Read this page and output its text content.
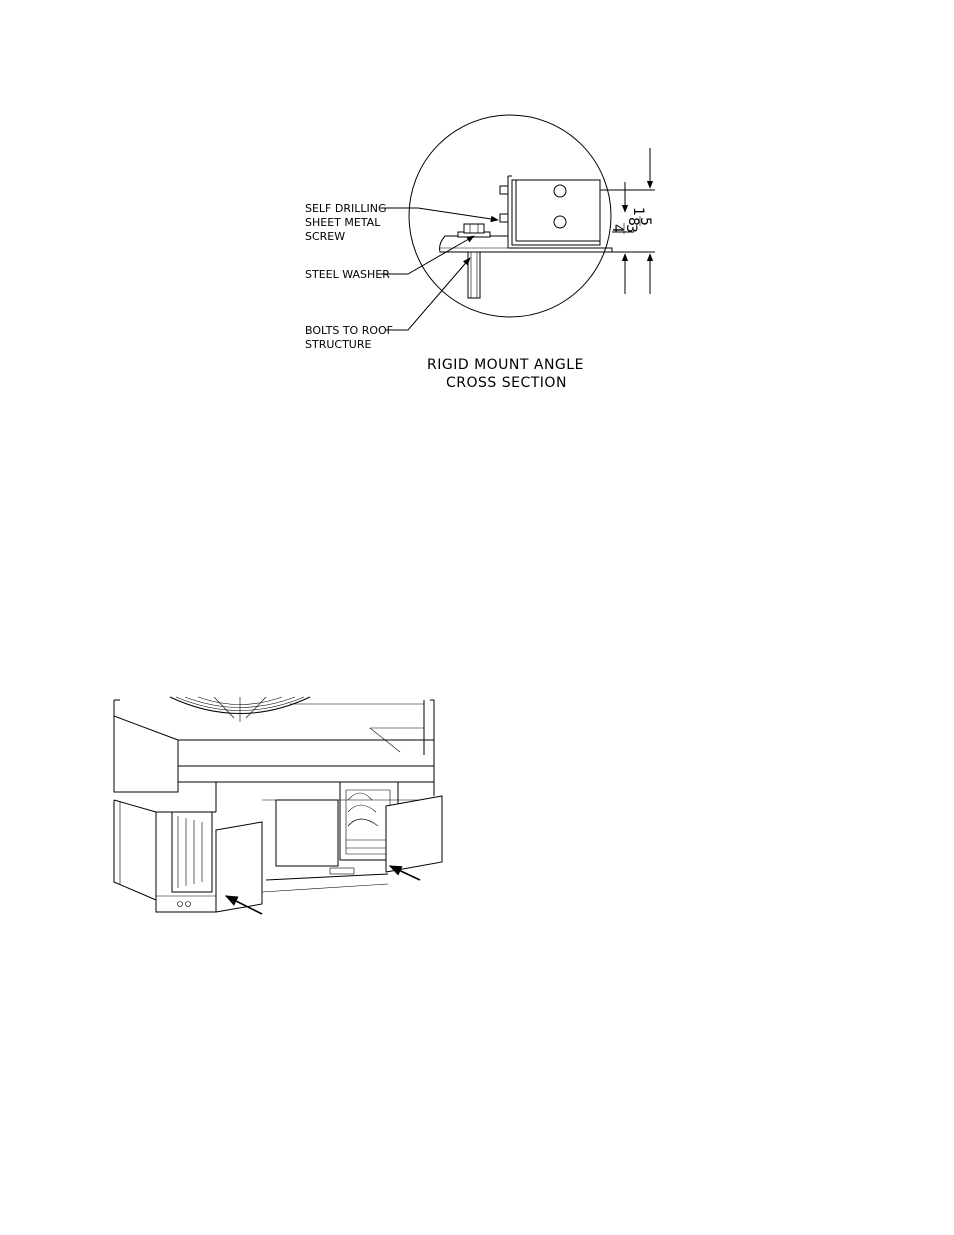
SELF DRILLING
SHEET METAL
SCREW
STEEL WASHER
BOLTS TO ROOF
STRUCTURE
1
5
8
3
4
RIGID MOUNT ANGLE
CROSS SECTION
